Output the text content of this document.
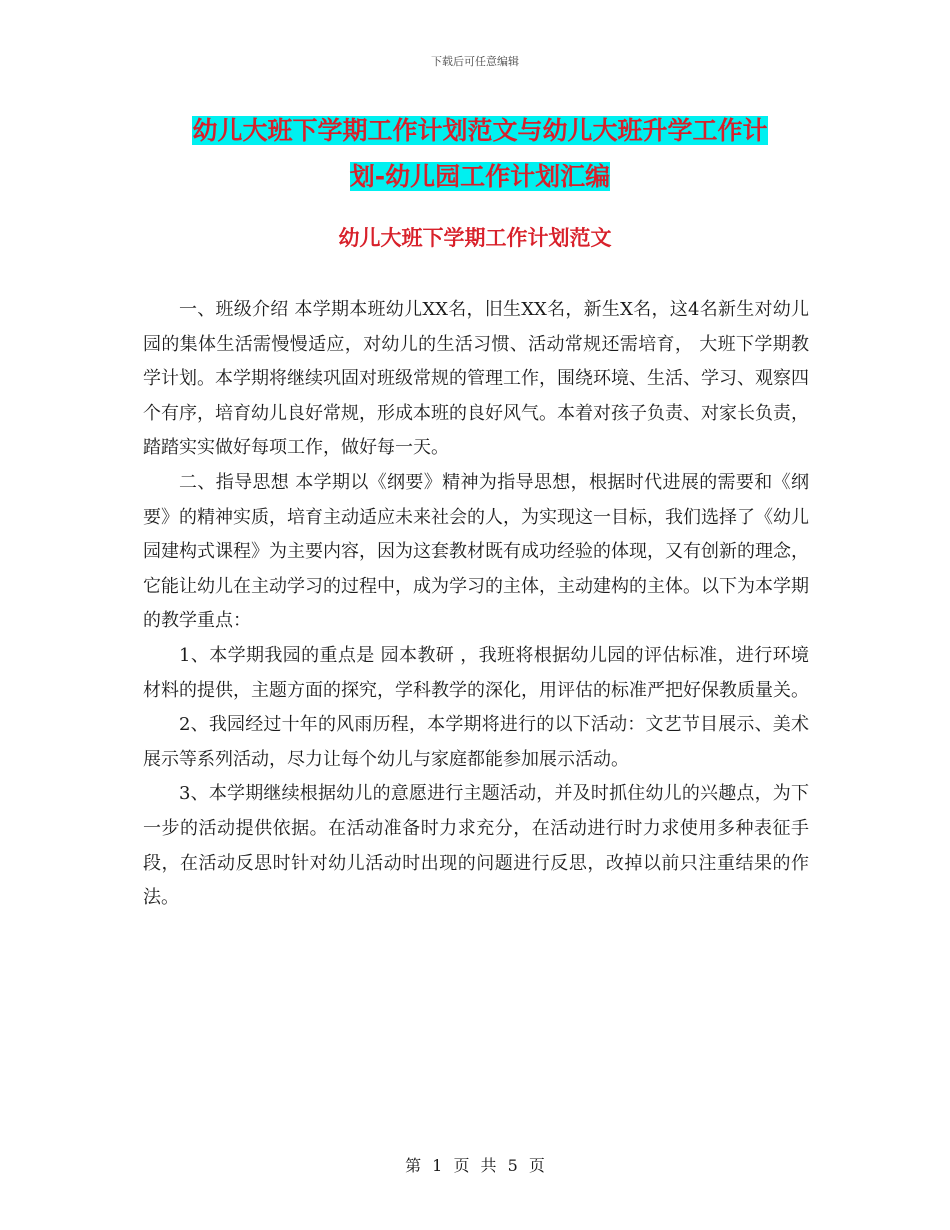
下载后可任意编辑
幼儿大班下学期工作计划范文与幼儿大班升学工作计
划-幼儿园工作计划汇编
幼儿大班下学期工作计划范文

一、班级介绍 本学期本班幼儿XX名，旧生XX名，新生X名，这4名新生对幼儿园的集体生活需慢慢适应，对幼儿的生活习惯、活动常规还需培育， 大班下学期教学计划。本学期将继续巩固对班级常规的管理工作，围绕环境、生活、学习、观察四个有序，培育幼儿良好常规，形成本班的良好风气。本着对孩子负责、对家长负责，踏踏实实做好每项工作，做好每一天。

二、指导思想 本学期以《纲要》精神为指导思想，根据时代进展的需要和《纲要》的精神实质，培育主动适应未来社会的人，为实现这一目标，我们选择了《幼儿园建构式课程》为主要内容，因为这套教材既有成功经验的体现，又有创新的理念，它能让幼儿在主动学习的过程中，成为学习的主体，主动建构的主体。以下为本学期的教学重点：

1、本学期我园的重点是 园本教研 ，我班将根据幼儿园的评估标准，进行环境材料的提供，主题方面的探究，学科教学的深化，用评估的标准严把好保教质量关。

2、我园经过十年的风雨历程，本学期将进行的以下活动：文艺节目展示、美术展示等系列活动，尽力让每个幼儿与家庭都能参加展示活动。

3、本学期继续根据幼儿的意愿进行主题活动，并及时抓住幼儿的兴趣点，为下一步的活动提供依据。在活动准备时力求充分，在活动进行时力求使用多种表征手段，在活动反思时针对幼儿活动时出现的问题进行反思，改掉以前只注重结果的作法。

第 1 页 共 5 页
